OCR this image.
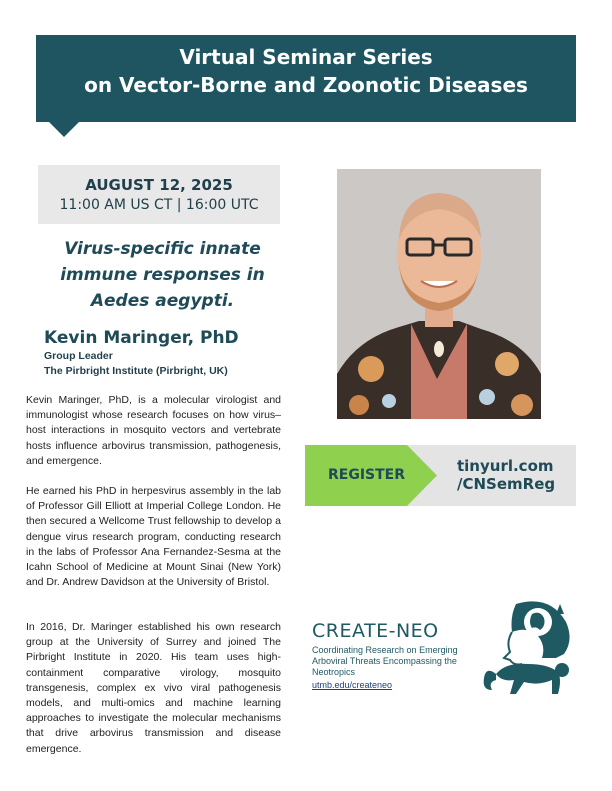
Virtual Seminar Series
on Vector-Borne and Zoonotic Diseases
AUGUST 12, 2025
11:00 AM US CT | 16:00 UTC
Virus-specific innate
immune responses in
Aedes aegypti.
Kevin Maringer, PhD
Group Leader
The Pirbright Institute (Pirbright, UK)

Kevin Maringer, PhD, is a molecular virologist and immunologist whose research focuses on how virus–host interactions in mosquito vectors and vertebrate hosts influence arbovirus transmission, pathogenesis, and emergence.

He earned his PhD in herpesvirus assembly in the lab of Professor Gill Elliott at Imperial College London. He then secured a Wellcome Trust fellowship to develop a dengue virus research program, conducting research in the labs of Professor Ana Fernandez-Sesma at the Icahn School of Medicine at Mount Sinai (New York) and Dr. Andrew Davidson at the University of Bristol.

In 2016, Dr. Maringer established his own research group at the University of Surrey and joined The Pirbright Institute in 2020. His team uses high-containment comparative virology, mosquito transgenesis, complex ex vivo viral pathogenesis models, and multi-omics and machine learning approaches to investigate the molecular mechanisms that drive arbovirus transmission and disease emergence.

REGISTER	tinyurl.com
/CNSemReg
CREATE-NEO
Coordinating Research on Emerging Arboviral Threats Encompassing the Neotropics
utmb.edu/createneo
